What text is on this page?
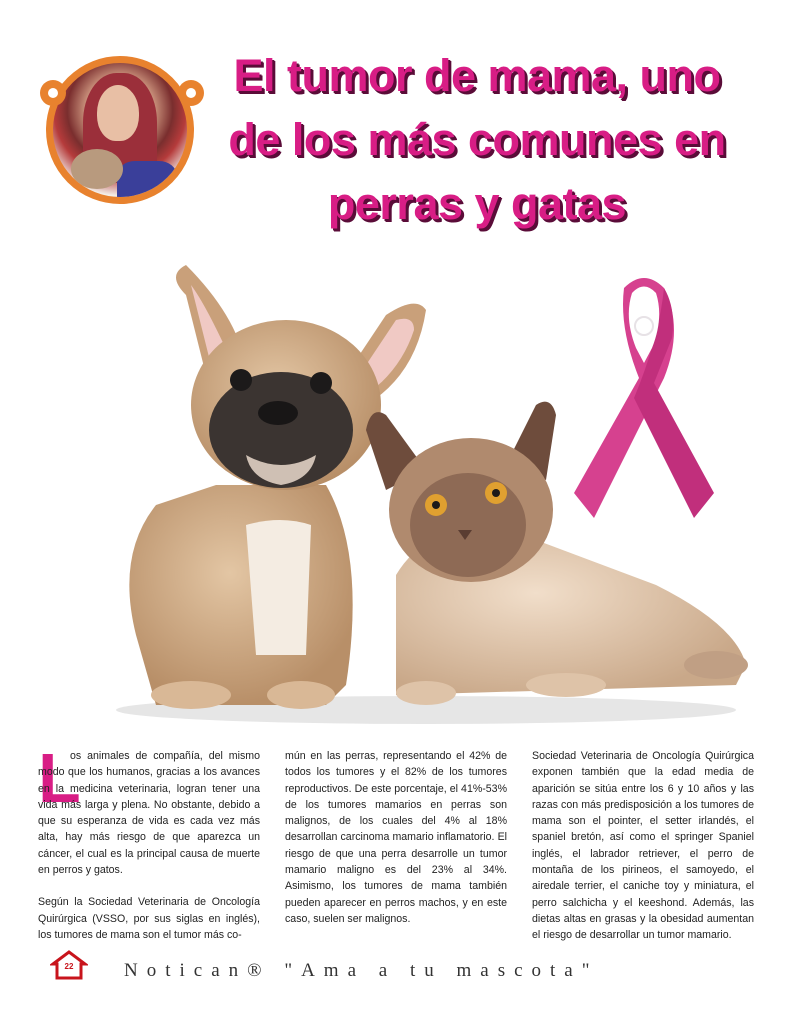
El tumor de mama, uno de los más comunes en perras y gatas
L

os animales de compañía, del mismo modo que los humanos, gracias a los avances en la medicina veterinaria, logran tener una vida más larga y plena. No obstante, debido a que su esperanza de vida es cada vez más alta, hay más riesgo de que aparezca un cáncer, el cual es la principal causa de muerte en perros y gatos.

Según la Sociedad Veterinaria de Oncología Quirúrgica (VSSO, por sus siglas en inglés), los tumores de mama son el tumor más co-

mún en las perras, representando el 42% de todos los tumores y el 82% de los tumores reproductivos. De este porcentaje, el 41%-53% de los tumores mamarios en perras son malignos, de los cuales del 4% al 18% desarrollan carcinoma mamario inflamatorio. El riesgo de que una perra desarrolle un tumor mamario maligno es del 23% al 34%. Asimismo, los tumores de mama también pueden aparecer en perros machos, y en este caso, suelen ser malignos.

Sociedad Veterinaria de Oncología Quirúrgica exponen también que la edad media de aparición se sitúa entre los 6 y 10 años y las razas con más predisposición a los tumores de mama son el pointer, el setter irlandés, el spaniel bretón, así como el springer Spaniel inglés, el labrador retriever, el perro de montaña de los pirineos, el samoyedo, el airedale terrier, el caniche toy y miniatura, el perro salchicha y el keeshond. Además, las dietas altas en grasas y la obesidad aumentan el riesgo de desarrollar un tumor mamario.

22	Notican® "Ama a tu mascota"
